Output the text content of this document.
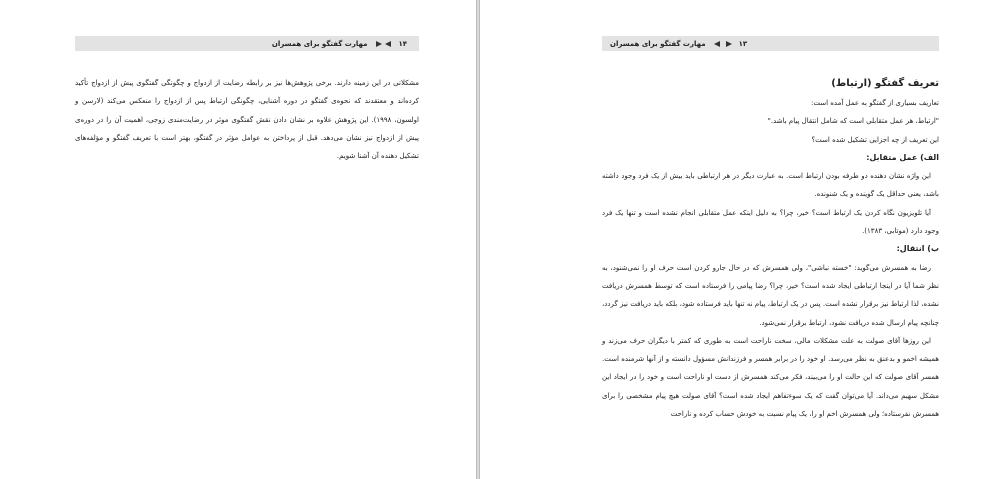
۱۴
مهارت گفتگو برای همسران

مشکلاتی در این زمینه دارند. برخی پژوهش‌ها نیز بر رابطه رضایت از ازدواج و چگونگی گفتگوی پیش از ازدواج تأکید کرده‌اند و معتقدند که نحوه‌ی گفتگو در دوره آشنایی، چگونگی ارتباط پس از ازدواج را منعکس می‌کند (لارسن و اولسون، ۱۹۹۸). این پژوهش علاوه بر نشان دادن نقش گفتگوی موثر در رضایت‌مندی زوجی، اهمیت آن را در دوره‌ی پیش از ازدواج نیز نشان می‌دهد. قبل از پرداختن به عوامل مؤثر در گفتگو، بهتر است با تعریف گفتگو و مؤلفه‌های تشکیل دهنده آن آشنا شویم.

مهارت گفتگو برای همسران	۱۳
تعریف گفتگو (ارتباط)

تعاریف بسیاری از گفتگو به عمل آمده است:

"ارتباط، هر عمل متقابلی است که شامل انتقال پیام باشد."

این تعریف از چه اجزایی تشکیل شده است؟

الف) عمل متقابل:

این واژه نشان دهنده دو طرفه بودن ارتباط است. به عبارت دیگر در هر ارتباطی باید بیش از یک فرد وجود داشته باشد، یعنی حداقل یک گوینده و یک شنونده.

آیا تلویزیون نگاه کردن یک ارتباط است؟ خیر، چرا؟ به دلیل اینکه عمل متقابلی انجام نشده است و تنها یک فرد وجود دارد (موتابی، ۱۳۸۳).

ب) انتقال:

رضا به همسرش می‌گوید: "خسته نباشی"، ولی همسرش که در حال جارو کردن است حرف او را نمی‌شنود، به نظر شما آیا در اینجا ارتباطی ایجاد شده است؟ خیر، چرا؟ رضا پیامی را فرستاده است که توسط همسرش دریافت نشده، لذا ارتباط نیز برقرار نشده است. پس در یک ارتباط، پیام نه تنها باید فرستاده شود، بلکه باید دریافت نیز گردد، چنانچه پیام ارسال شده دریافت نشود، ارتباط برقرار نمی‌شود.

این روزها آقای صولت به علت مشکلات مالی، سخت ناراحت است به طوری که کمتر با دیگران حرف می‌زند و همیشه اخمو و بدعنق به نظر می‌رسد. او خود را در برابر همسر و فرزندانش مسؤول دانسته و از آنها شرمنده است. همسر آقای صولت که این حالت او را می‌بیند، فکر می‌کند همسرش از دست او ناراحت است و خود را در ایجاد این مشکل سهیم می‌داند. آیا می‌توان گفت که یک سوءتفاهم ایجاد شده است؟ آقای صولت هیچ پیام مشخصی را برای همسرش نفرستاده؛ ولی همسرش اخم او را، یک پیام نسبت به خودش حساب کرده و ناراحت
